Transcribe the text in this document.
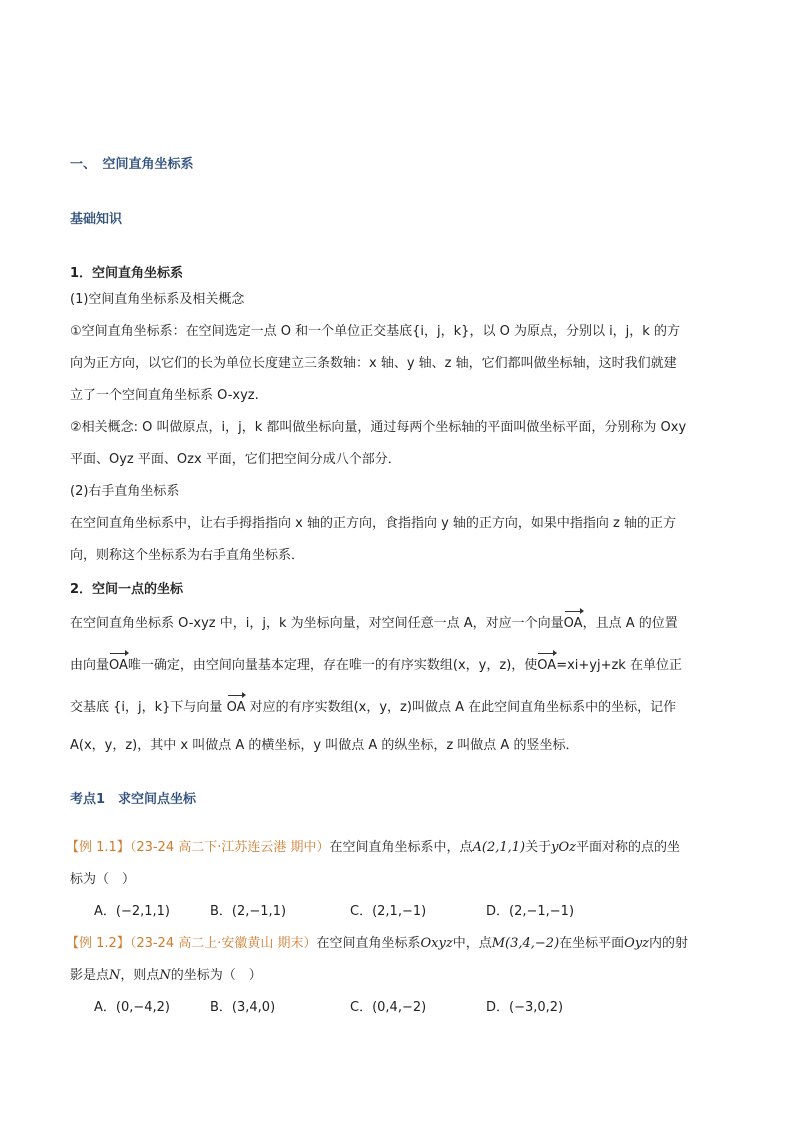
一、　空间直角坐标系
基础知识
1．空间直角坐标系
(1)空间直角坐标系及相关概念
①空间直角坐标系：在空间选定一点 O 和一个单位正交基底{i，j，k}，以 O 为原点，分别以 i，j，k 的方
向为正方向，以它们的长为单位长度建立三条数轴：x 轴、y 轴、z 轴，它们都叫做坐标轴，这时我们就建
立了一个空间直角坐标系 O-xyz.
②相关概念: O 叫做原点，i，j，k 都叫做坐标向量，通过每两个坐标轴的平面叫做坐标平面，分别称为 Oxy
平面、Oyz 平面、Ozx 平面，它们把空间分成八个部分．
(2)右手直角坐标系
在空间直角坐标系中，让右手拇指指向 x 轴的正方向，食指指向 y 轴的正方向，如果中指指向 z 轴的正方
向，则称这个坐标系为右手直角坐标系．
2．空间一点的坐标
在空间直角坐标系 O-xyz 中，i，j，k 为坐标向量，对空间任意一点 A，对应一个向量OA，且点 A 的位置
由向量OA唯一确定，由空间向量基本定理，存在唯一的有序实数组(x，y，z)，使OA=xi+yj+zk 在单位正
交基底 {i，j，k}下与向量 OA 对应的有序实数组(x，y，z)叫做点 A 在此空间直角坐标系中的坐标，记作
A(x，y，z)，其中 x 叫做点 A 的横坐标，y 叫做点 A 的纵坐标，z 叫做点 A 的竖坐标．
考点1　求空间点坐标
【例 1.1】（23-24 高二下·江苏连云港 期中）在空间直角坐标系中，点A(2,1,1)关于yOz平面对称的点的坐
标为（　）
A．(−2,1,1)	B．(2,−1,1)	C．(2,1,−1)	D．(2,−1,−1)
【例 1.2】（23-24 高二上·安徽黄山 期末）在空间直角坐标系Oxyz中，点M(3,4,−2)在坐标平面Oyz内的射
影是点N，则点N的坐标为（　）
A．(0,−4,2)	B．(3,4,0)	C．(0,4,−2)	D．(−3,0,2)
